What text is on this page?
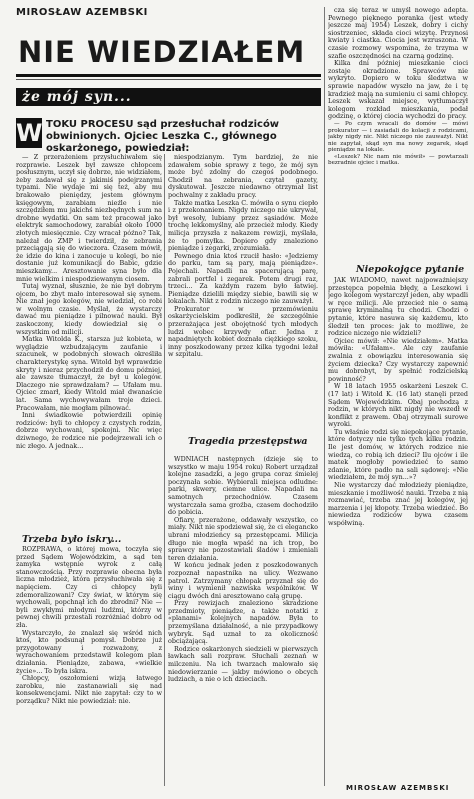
MIROSŁAW AZEMBSKI
NIE WIEDZIAŁEM
że mój syn...
W TOKU PROCESU sąd przesłuchał rodziców obwinionych. Ojciec Leszka C., głównego oskarżonego, powiedział:

— Z przerażeniem przysłuchiwałem się rozprawie. Leszek był zawsze chłopcem posłusznym, uczył się dobrze, nie widziałem, żeby zadawał się z jakimiś podejrzanymi typami. Nie wydaje mi się też, aby mu brakowało pieniędzy, jestem głównym księgowym, zarabiam nieźle i nie szczędziłem mu jakichś niezbędnych sum na drobne wydatki. On sam też pracował jako elektryk samochodowy, zarabiał około 1000 złotych miesięcznie. Czy wracał późno? Tak, należał do ZMP i twierdził, że zebrania przeciągają się do wieczora. Czasem mówił, że idzie do kina i zanocuje u kolegi, bo nie dostanie już komunikacji do Babic, gdzie mieszkamy... Aresztowanie syna było dla mnie wielkim i niespodziewanym ciosem.

Tutaj wyznał, słusznie, że nie był dobrym ojcem, bo zbyt mało interesował się synem. Nie znał jego kolegów, nie wiedział, co robi w wolnym czasie. Myślał, że wystarczy dawać mu pieniądze i pilnować nauki. Był zaskoczony, kiedy dowiedział się o wszystkim od milicji.

Matka Witolda K., starsza już kobieta, w wyglądzie wzbudzającym zaufanie i szacunek, w podobnych słowach określiła charakterystykę syna. Witold był wprawdzie skryty i nieraz przychodził do domu później, ale zawsze tłumaczył, że był u kolegów. Dlaczego nie sprawdzałam? — Ufałam mu. Ojciec zmarł, kiedy Witold miał dwanaście lat. Sama wychowywałam troje dzieci. Pracowałam, nie mogłam pilnować.

Inni świadkowie potwierdzili opinię rodziców: byli to chłopcy z czystych rodzin, dobrze wychowani, spokojni. Nic więc dziwnego, że rodzice nie podejrzewali ich o nic złego. A jednak...

Trzeba było iskry...

ROZPRAWA, o której mowa, toczyła się przed Sądem Wojewódzkim, a sąd ten zamyka wstępnie wyrok z całą stanowczością. Przy rozprawie obecna była liczna młodzież, która przysłuchiwała się z napięciem. Czy ci chłopcy byli zdemoralizowani? Czy świat, w którym się wychowali, popchnął ich do zbrodni? Nie — byli zwykłymi młodymi ludźmi, którzy w pewnej chwili przestali rozróżniać dobro od zła.

Wystarczyło, że znalazł się wśród nich ktoś, kto podsunął pomysł. Dobrze już przygotowany i rozważony, z wyrachowaniem przedstawił kolegom plan działania. Pieniądze, zabawa, «wielkie życie»... To była iskra.

Chłopcy, oszołomieni wizją łatwego zarobku, nie zastanawiali się nad konsekwencjami. Nikt nie zapytał: czy to w porządku? Nikt nie powiedział: nie.

niespodzianym. Tym bardziej, że nie zdawałem sobie sprawy z tego, że mój syn może być zdolny do czegoś podobnego. Chodził na zebrania, czytał gazety, dyskutował. Jeszcze niedawno otrzymał list pochwalny z zakładu pracy.

Także matka Leszka C. mówiła o synu ciepło i z przekonaniem. Nigdy niczego nie ukrywał, był wesoły, lubiany przez sąsiadów. Może trochę lekkomyślny, ale przecież młody. Kiedy milicja przyszła z nakazem rewizji, myślała, że to pomyłka. Dopiero gdy znaleziono pieniądze i zegarki, zrozumiała.

Pewnego dnia ktoś rzucił hasło: «Jedziemy do parku, tam są pary, mają pieniądze». Pojechali. Napadli na spacerującą parę, zabrali portfel i zegarek. Potem drugi raz, trzeci... Za każdym razem było łatwiej. Pieniądze dzielili między siebie, bawili się w lokalach. Nikt z rodzin niczego nie zauważył.

Prokurator w przemówieniu oskarżycielskim podkreślił, że szczególnie przerażająca jest obojętność tych młodych ludzi wobec krzywdy ofiar. Jedna z napadniętych kobiet doznała ciężkiego szoku, inny poszkodowany przez kilka tygodni leżał w szpitalu.

Tragedia przestępstwa

WDNIACH następnych (dzieje się to wszystko w maju 1954 roku) Robert urządzał kolejne zasadzki, a jego grupa coraz śmielej poczynała sobie. Wybierali miejsca odludne: parki, skwery, ciemne ulice. Napadali na samotnych przechodniów. Czasem wystarczała sama groźba, czasem dochodziło do pobicia.

Ofiary, przerażone, oddawały wszystko, co miały. Nikt nie spodziewał się, że ci elegancko ubrani młodzieńcy są przestępcami. Milicja długo nie mogła wpaść na ich trop, bo sprawcy nie pozostawiali śladów i zmieniali teren działania.

W końcu jednak jeden z poszkodowanych rozpoznał napastnika na ulicy. Wezwano patrol. Zatrzymany chłopak przyznał się do winy i wymienił nazwiska wspólników. W ciągu dwóch dni aresztowano całą grupę.

Przy rewizjach znaleziono skradzione przedmioty, pieniądze, a także notatki z «planami» kolejnych napadów. Była to przemyślana działalność, a nie przypadkowy wybryk. Sąd uznał to za okoliczność obciążającą.

Rodzice oskarżonych siedzieli w pierwszych ławkach sali rozpraw. Słuchali zeznań w milczeniu. Na ich twarzach malowało się niedowierzanie — jakby mówiono o obcych ludziach, a nie o ich dzieciach.

cza się teraz w umyśl nowego adepta. Pewnego pięknego poranka (jest wtedy jeszcze maj 1954) Leszek, dobry i cichy siostrzeniec, składa cioci wizytę. Przynosi kwiaty i ciastka. Ciocia jest wzruszona. W czasie rozmowy wspomina, że trzyma w szafie oszczędności na czarną godzinę.

Kilka dni później mieszkanie cioci zostaje okradzione. Sprawców nie wykryto. Dopiero w toku śledztwa w sprawie napadów wyszło na jaw, że i tę kradzież mają na sumieniu ci sami chłopcy. Leszek wskazał miejsce, wytłumaczył kolegom rozkład mieszkania, podał godzinę, o której ciocia wychodzi do pracy.

— Po czym wracali do domów — mówi prokurator — i zasiadali do kolacji z rodzicami, jakby nigdy nic. Nikt niczego nie zauważył. Nikt nie zapytał, skąd syn ma nowy zegarek, skąd pieniądze na lokale.

«Leszek? Nic nam nie mówił» — powtarzali bezradnie ojciec i matka.

Niepokojące pytanie

JAK WIADOMO, nawet najpoważniejszy przestępca popełnia błędy, a Leszkowi i jego kolegom wystarczył jeden, aby wpadli w ręce milicji. Ale przecież nie o samą sprawę kryminalną tu chodzi. Chodzi o pytanie, które nasuwa się każdemu, kto śledził ten proces: jak to możliwe, że rodzice niczego nie widzieli?

Ojciec mówił: «Nie wiedziałem». Matka mówiła: «Ufałam». Ale czy zaufanie zwalnia z obowiązku interesowania się życiem dziecka? Czy wystarczy zapewnić mu dobrobyt, by spełnić rodzicielską powinność?

W 18 latach 1955 oskarżeni Leszek C. (17 lat) i Witold K. (16 lat) stanęli przed Sądem Wojewódzkim. Obaj pochodzą z rodzin, w których nikt nigdy nie wszedł w konflikt z prawem. Obaj otrzymali surowe wyroki.

Tu właśnie rodzi się niepokojące pytanie, które dotyczy nie tylko tych kilku rodzin. Ile jest domów, w których rodzice nie wiedzą, co robią ich dzieci? Ilu ojców i ile matek mogłoby powiedzieć to samo zdanie, które padło na sali sądowej: «Nie wiedziałem, że mój syn...»?

Nie wystarczy dać młodzieży pieniądze, mieszkanie i możliwość nauki. Trzeba z nią rozmawiać, trzeba znać jej kolegów, jej marzenia i jej kłopoty. Trzeba wiedzieć. Bo niewiedza rodziców bywa czasem współwiną.

MIROSŁAW AZEMBSKI
